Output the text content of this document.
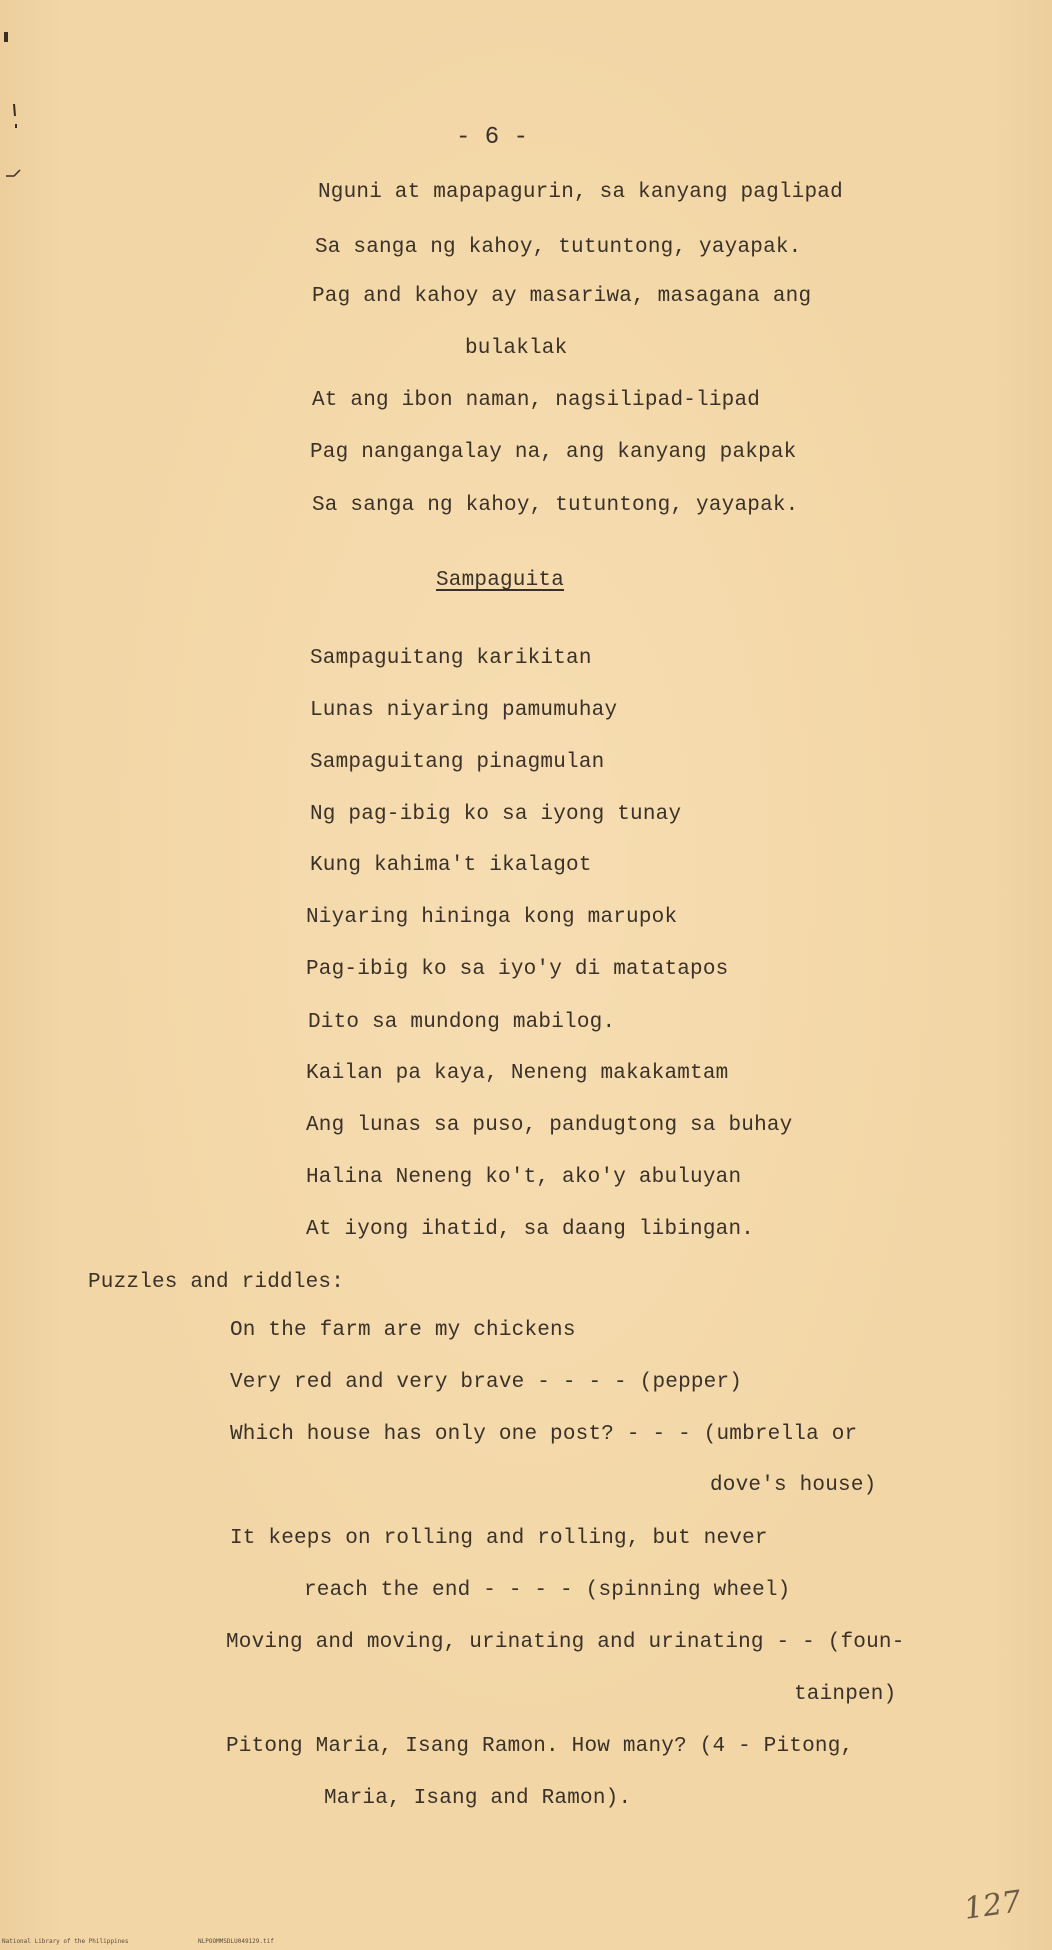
- 6 -
Nguni at mapapagurin, sa kanyang paglipad
Sa sanga ng kahoy, tutuntong, yayapak.
Pag and kahoy ay masariwa, masagana ang
bulaklak
At ang ibon naman, nagsilipad-lipad
Pag nangangalay na, ang kanyang pakpak
Sa sanga ng kahoy, tutuntong, yayapak.
Sampaguita
Sampaguitang karikitan
Lunas niyaring pamumuhay
Sampaguitang pinagmulan
Ng pag-ibig ko sa iyong tunay
Kung kahima't ikalagot
Niyaring hininga kong marupok
Pag-ibig ko sa iyo'y di matatapos
Dito sa mundong mabilog.
Kailan pa kaya, Neneng makakamtam
Ang lunas sa puso, pandugtong sa buhay
Halina Neneng ko't, ako'y abuluyan
At iyong ihatid, sa daang libingan.
Puzzles and riddles:
On the farm are my chickens
Very red and very brave - - - - (pepper)
Which house has only one post? - - - (umbrella or
dove's house)
It keeps on rolling and rolling, but never
reach the end - - - - (spinning wheel)
Moving and moving, urinating and urinating - - (foun-
tainpen)
Pitong Maria, Isang Ramon. How many? (4 - Pitong,
Maria, Isang and Ramon).
127
National Library of the Philippines	NLPOOMMSDLU049129.tif
